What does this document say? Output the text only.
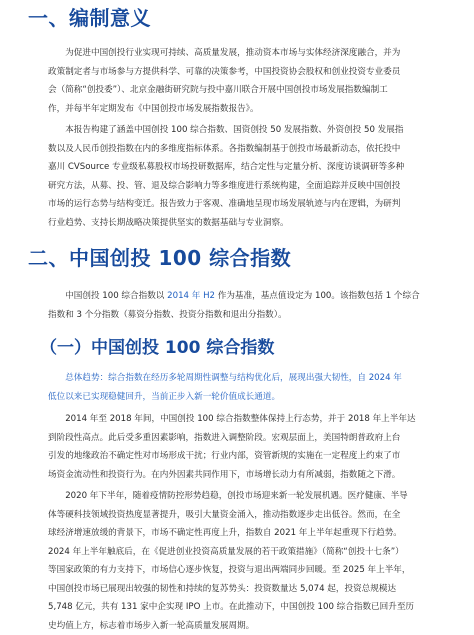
一、编制意义
为促进中国创投行业实现可持续、高质量发展，推动资本市场与实体经济深度融合，并为
政策制定者与市场参与方提供科学、可靠的决策参考，中国投资协会股权和创业投资专业委员
会（简称“创投委”）、北京金融街研究院与投中嘉川联合开展中国创投市场发展指数编制工
作，并每半年定期发布《中国创投市场发展指数报告》。
本报告构建了涵盖中国创投 100 综合指数、国资创投 50 发展指数、外资创投 50 发展指
数以及人民币创投指数在内的多维度指标体系。各指数编制基于创投市场最新动态，依托投中
嘉川 CVSource 专业级私募股权市场投研数据库，结合定性与定量分析、深度访谈调研等多种
研究方法，从募、投、管、退及综合影响力等多维度进行系统构建，全面追踪并反映中国创投
市场的运行态势与结构变迁。报告致力于客观、准确地呈现市场发展轨迹与内在逻辑，为研判
行业趋势、支持长期战略决策提供坚实的数据基础与专业洞察。
二、中国创投 100 综合指数
中国创投 100 综合指数以 2014 年 H2 作为基准，基点值设定为 100。该指数包括 1 个综合
指数和 3 个分指数（募资分指数、投资分指数和退出分指数）。
（一）中国创投 100 综合指数
总体趋势：综合指数在经历多轮周期性调整与结构优化后，展现出强大韧性，自 2024 年
低位以来已实现稳健回升，当前正步入新一轮价值成长通道。
2014 年至 2018 年间，中国创投 100 综合指数整体保持上行态势，并于 2018 年上半年达
到阶段性高点。此后受多重因素影响，指数进入调整阶段。宏观层面上，美国特朗普政府上台
引发的地缘政治不确定性对市场形成干扰；行业内部，资管新规的实施在一定程度上约束了市
场资金流动性和投资行为。在内外因素共同作用下，市场增长动力有所减弱，指数随之下滑。
2020 年下半年，随着疫情防控形势趋稳，创投市场迎来新一轮发展机遇。医疗健康、半导
体等硬科技领域投资热度显著提升，吸引大量资金涌入，推动指数逐步走出低谷。然而，在全
球经济增速放缓的背景下，市场不确定性再度上升，指数自 2021 年上半年起重现下行趋势。
2024 年上半年触底后，在《促进创业投资高质量发展的若干政策措施》（简称“创投十七条”）
等国家政策的有力支持下，市场信心逐步恢复，投资与退出两端同步回暖。至 2025 年上半年，
中国创投市场已展现出较强的韧性和持续的复苏势头：投资数量达 5,074 起，投资总规模达
5,748 亿元，共有 131 家中企实现 IPO 上市。在此推动下，中国创投 100 综合指数已回升至历
史均值上方，标志着市场步入新一轮高质量发展周期。
